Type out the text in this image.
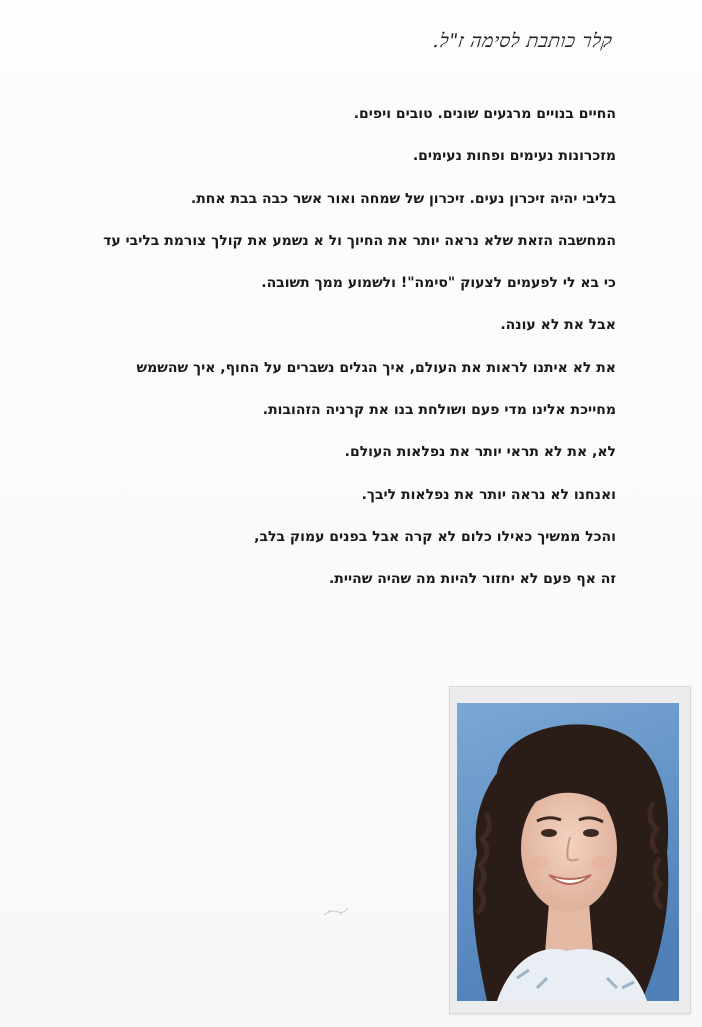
קלר כותבת לסימה ז"ל.
החיים בנויים מרגעים שונים. טובים ויפים.
מזכרונות נעימים ופחות נעימים.
בליבי יהיה זיכרון נעים. זיכרון של שמחה ואור אשר כבה בבת אחת.
המחשבה הזאת שלא נראה יותר את החיוך ול א נשמע את קולך צורמת בליבי עד
כי בא לי לפעמים לצעוק "סימה"! ולשמוע ממך תשובה.
אבל את לא עונה.
את לא איתנו לראות את העולם, איך הגלים נשברים על החוף, איך שהשמש
מחייכת אלינו מדי פעם ושולחת בנו את קרניה הזהובות.
לא, את לא תראי יותר את נפלאות העולם.
ואנחנו לא נראה יותר את נפלאות ליבך.
והכל ממשיך כאילו כלום לא קרה אבל בפנים עמוק בלב,
זה אף פעם לא יחזור להיות מה שהיה שהיית.
